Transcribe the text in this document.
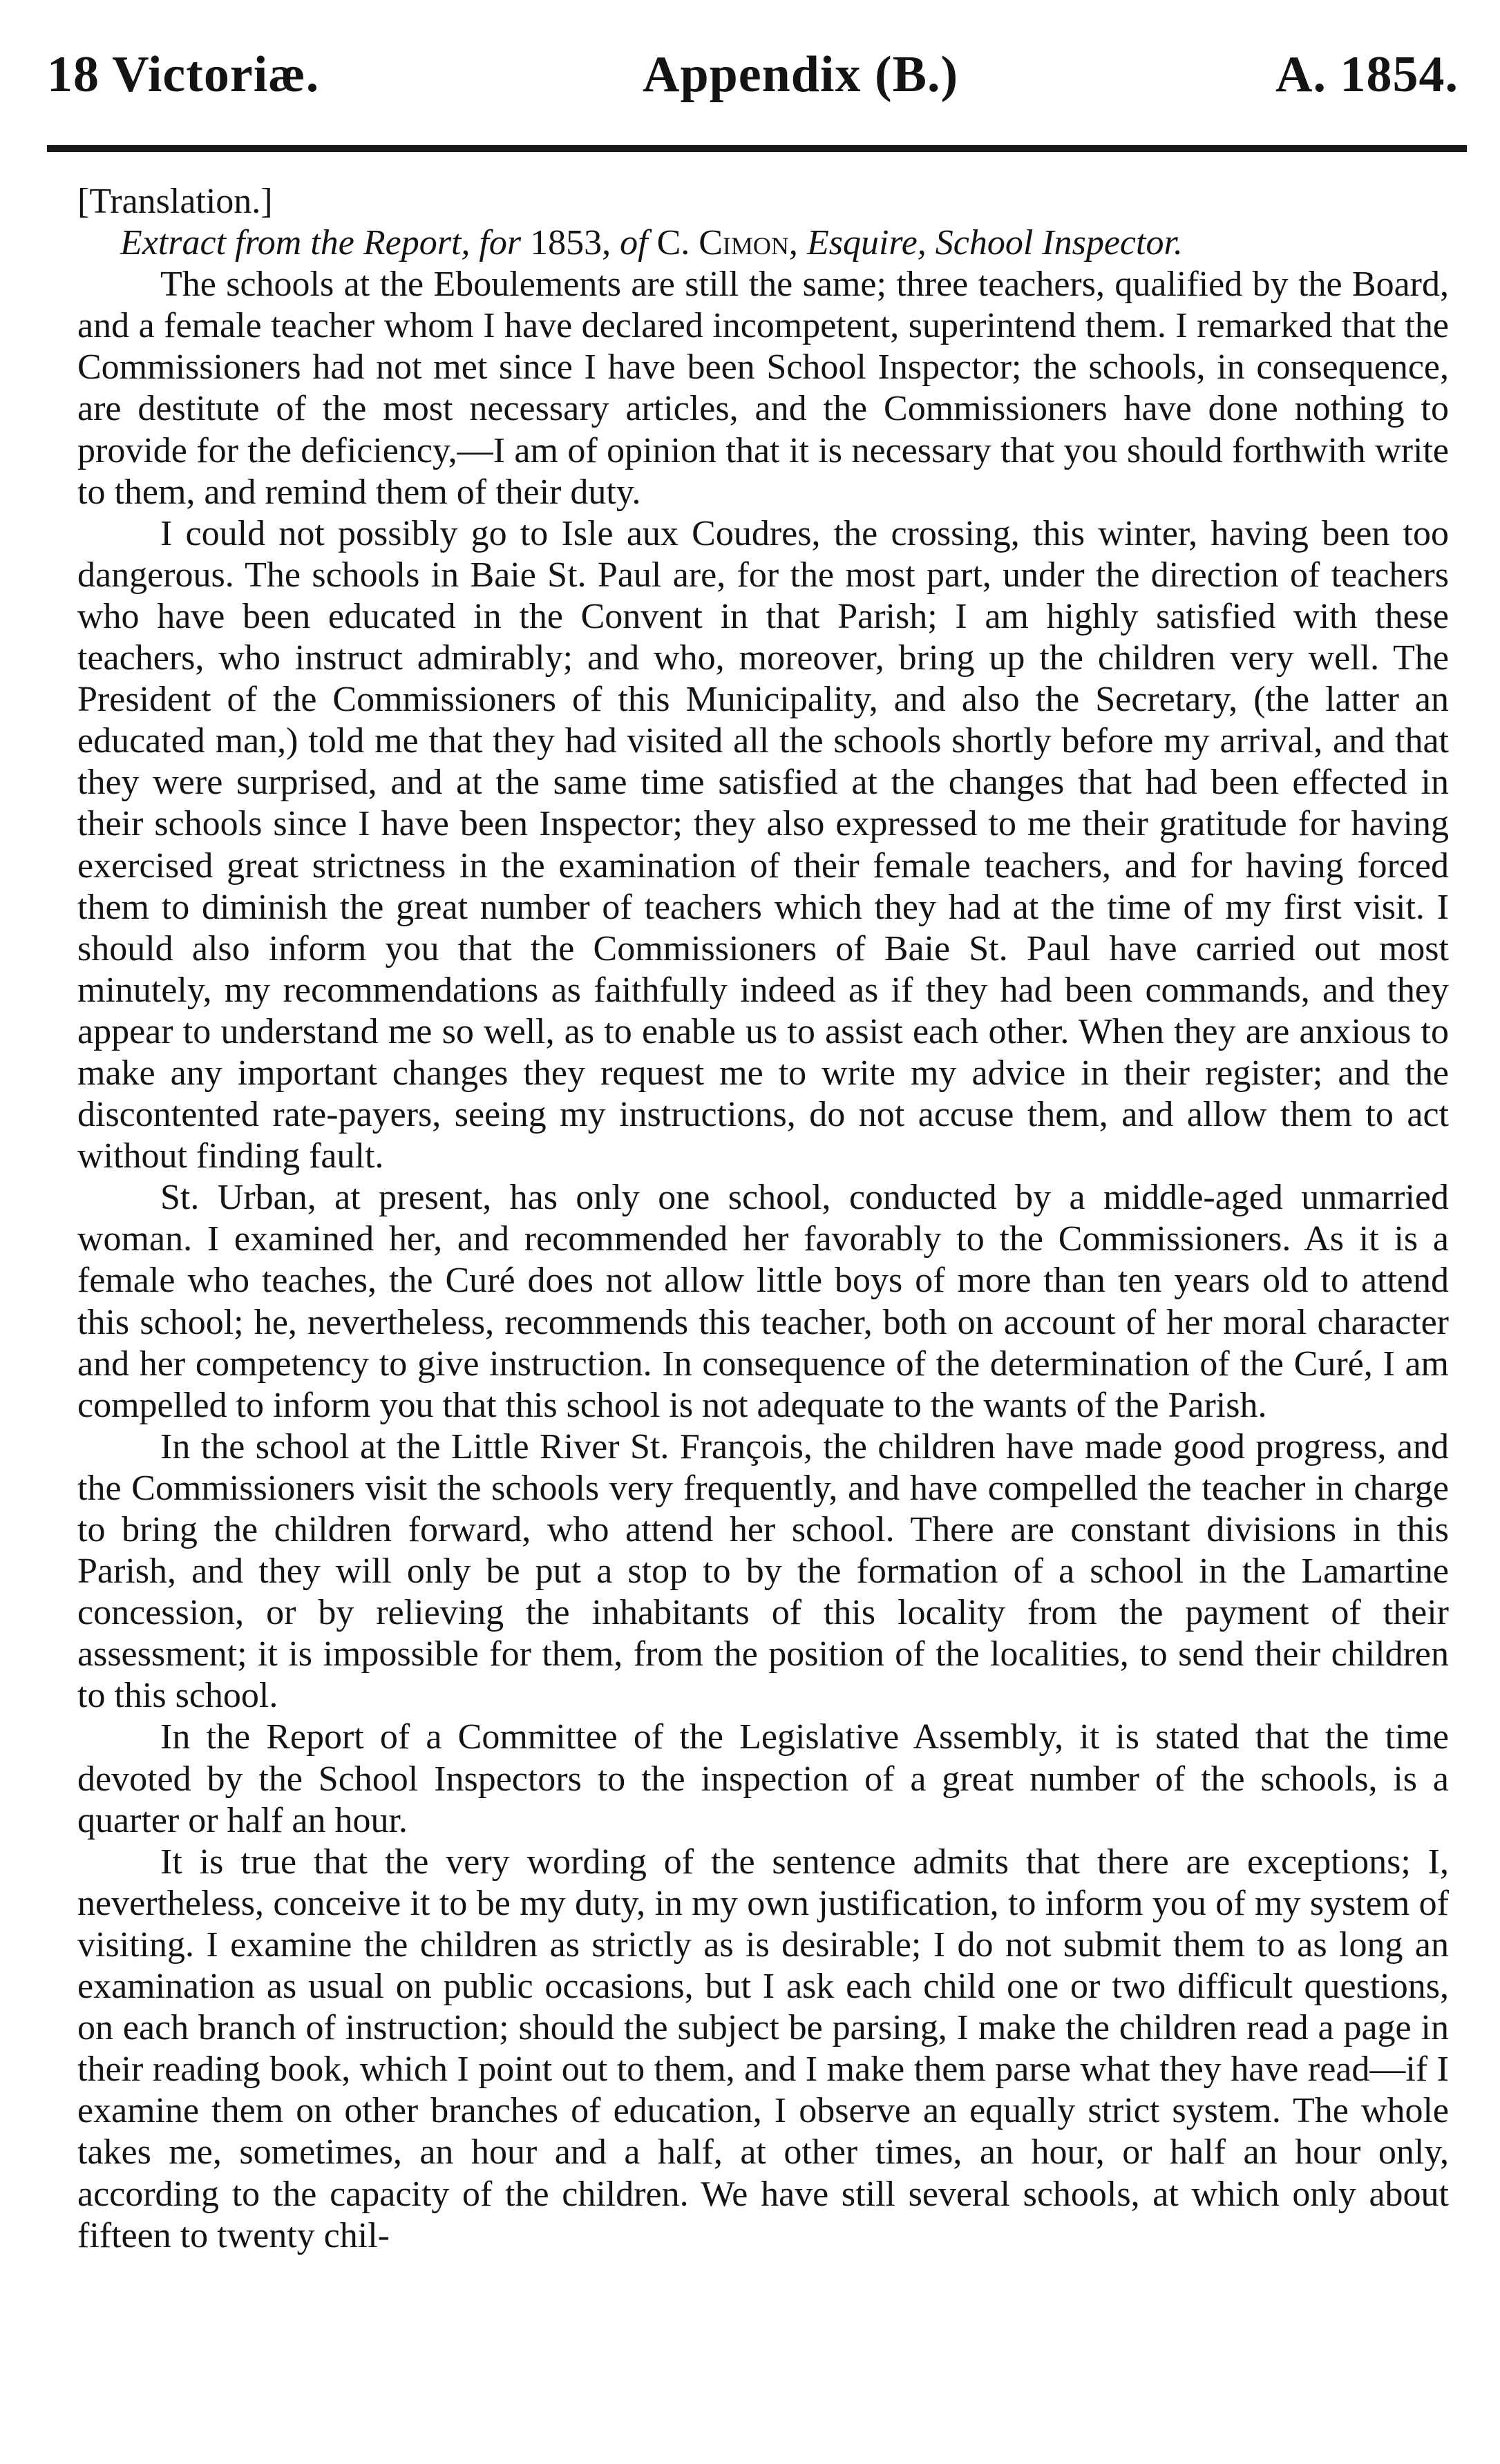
18 Victoriæ.	Appendix (B.)	A. 1854.

[Translation.]

Extract from the Report, for 1853, of C. Cimon, Esquire, School Inspector.

The schools at the Eboulements are still the same; three teachers, qualified by the Board, and a female teacher whom I have declared incompetent, superintend them. I remarked that the Commissioners had not met since I have been School Inspector; the schools, in consequence, are destitute of the most necessary articles, and the Commissioners have done nothing to provide for the deficiency,—I am of opinion that it is necessary that you should forthwith write to them, and remind them of their duty.

I could not possibly go to Isle aux Coudres, the crossing, this winter, having been too dangerous. The schools in Baie St. Paul are, for the most part, under the direction of teachers who have been educated in the Convent in that Parish; I am highly satisfied with these teachers, who instruct admirably; and who, moreover, bring up the children very well. The President of the Commissioners of this Municipality, and also the Secretary, (the latter an educated man,) told me that they had visited all the schools shortly before my arrival, and that they were surprised, and at the same time satisfied at the changes that had been effected in their schools since I have been Inspector; they also expressed to me their gratitude for having exercised great strictness in the examination of their female teachers, and for having forced them to diminish the great number of teachers which they had at the time of my first visit. I should also inform you that the Commissioners of Baie St. Paul have carried out most minutely, my recommendations as faithfully indeed as if they had been commands, and they appear to understand me so well, as to enable us to assist each other. When they are anxious to make any important changes they request me to write my advice in their register; and the discontented rate-payers, seeing my instructions, do not accuse them, and allow them to act without finding fault.

St. Urban, at present, has only one school, conducted by a middle-aged unmarried woman. I examined her, and recommended her favorably to the Commissioners. As it is a female who teaches, the Curé does not allow little boys of more than ten years old to attend this school; he, nevertheless, recommends this teacher, both on account of her moral character and her competency to give instruction. In consequence of the determination of the Curé, I am compelled to inform you that this school is not adequate to the wants of the Parish.

In the school at the Little River St. François, the children have made good progress, and the Commissioners visit the schools very frequently, and have compelled the teacher in charge to bring the children forward, who attend her school. There are constant divisions in this Parish, and they will only be put a stop to by the formation of a school in the Lamartine concession, or by relieving the inhabitants of this locality from the payment of their assessment; it is impossible for them, from the position of the localities, to send their children to this school.

In the Report of a Committee of the Legislative Assembly, it is stated that the time devoted by the School Inspectors to the inspection of a great number of the schools, is a quarter or half an hour.

It is true that the very wording of the sentence admits that there are exceptions; I, nevertheless, conceive it to be my duty, in my own justification, to inform you of my system of visiting. I examine the children as strictly as is desirable; I do not submit them to as long an examination as usual on public occasions, but I ask each child one or two difficult questions, on each branch of instruction; should the subject be parsing, I make the children read a page in their reading book, which I point out to them, and I make them parse what they have read—if I examine them on other branches of education, I observe an equally strict system. The whole takes me, sometimes, an hour and a half, at other times, an hour, or half an hour only, according to the capacity of the children. We have still several schools, at which only about fifteen to twenty chil-
